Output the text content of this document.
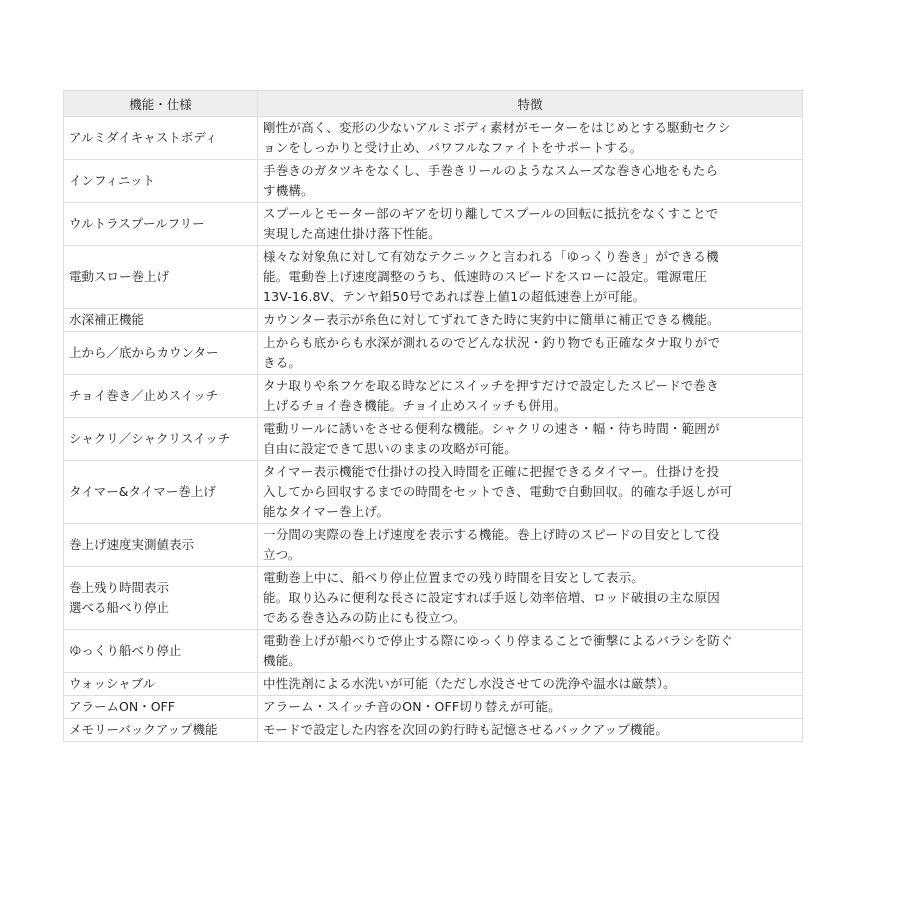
機能・仕様	特徴

アルミダイキャストボディ	剛性が高く、変形の少ないアルミボディ素材がモーターをはじめとする駆動セクシ
ョンをしっかりと受け止め、パワフルなファイトをサポートする。

インフィニット	手巻きのガタツキをなくし、手巻きリールのようなスムーズな巻き心地をもたら
す機構。

ウルトラスプールフリー	スプールとモーター部のギアを切り離してスプールの回転に抵抗をなくすことで
実現した高速仕掛け落下性能。

電動スロー巻上げ	様々な対象魚に対して有効なテクニックと言われる「ゆっくり巻き」ができる機
能。電動巻上げ速度調整のうち、低速時のスピードをスローに設定。電源電圧
13V-16.8V、テンヤ鉛50号であれば巻上値1の超低速巻上が可能。

水深補正機能	カウンター表示が糸色に対してずれてきた時に実釣中に簡単に補正できる機能。

上から／底からカウンター	上からも底からも水深が測れるのでどんな状況・釣り物でも正確なタナ取りがで
きる。

チョイ巻き／止めスイッチ	タナ取りや糸フケを取る時などにスイッチを押すだけで設定したスピードで巻き
上げるチョイ巻き機能。チョイ止めスイッチも併用。

シャクリ／シャクリスイッチ	電動リールに誘いをさせる便利な機能。シャクリの速さ・幅・待ち時間・範囲が
自由に設定できて思いのままの攻略が可能。

タイマー&タイマー巻上げ	タイマー表示機能で仕掛けの投入時間を正確に把握できるタイマー。仕掛けを投
入してから回収するまでの時間をセットでき、電動で自動回収。的確な手返しが可
能なタイマー巻上げ。

巻上げ速度実測値表示	一分間の実際の巻上げ速度を表示する機能。巻上げ時のスピードの目安として役
立つ。

巻上残り時間表示
選べる船べり停止	電動巻上中に、船べり停止位置までの残り時間を目安として表示。
能。取り込みに便利な長さに設定すれば手返し効率倍増、ロッド破損の主な原因
である巻き込みの防止にも役立つ。

ゆっくり船べり停止	電動巻上げが船べりで停止する際にゆっくり停まることで衝撃によるバラシを防ぐ
機能。

ウォッシャブル	中性洗剤による水洗いが可能（ただし水没させての洗浄や温水は厳禁）。

アラームON・OFF	アラーム・スイッチ音のON・OFF切り替えが可能。

メモリーバックアップ機能	モードで設定した内容を次回の釣行時も記憶させるバックアップ機能。
